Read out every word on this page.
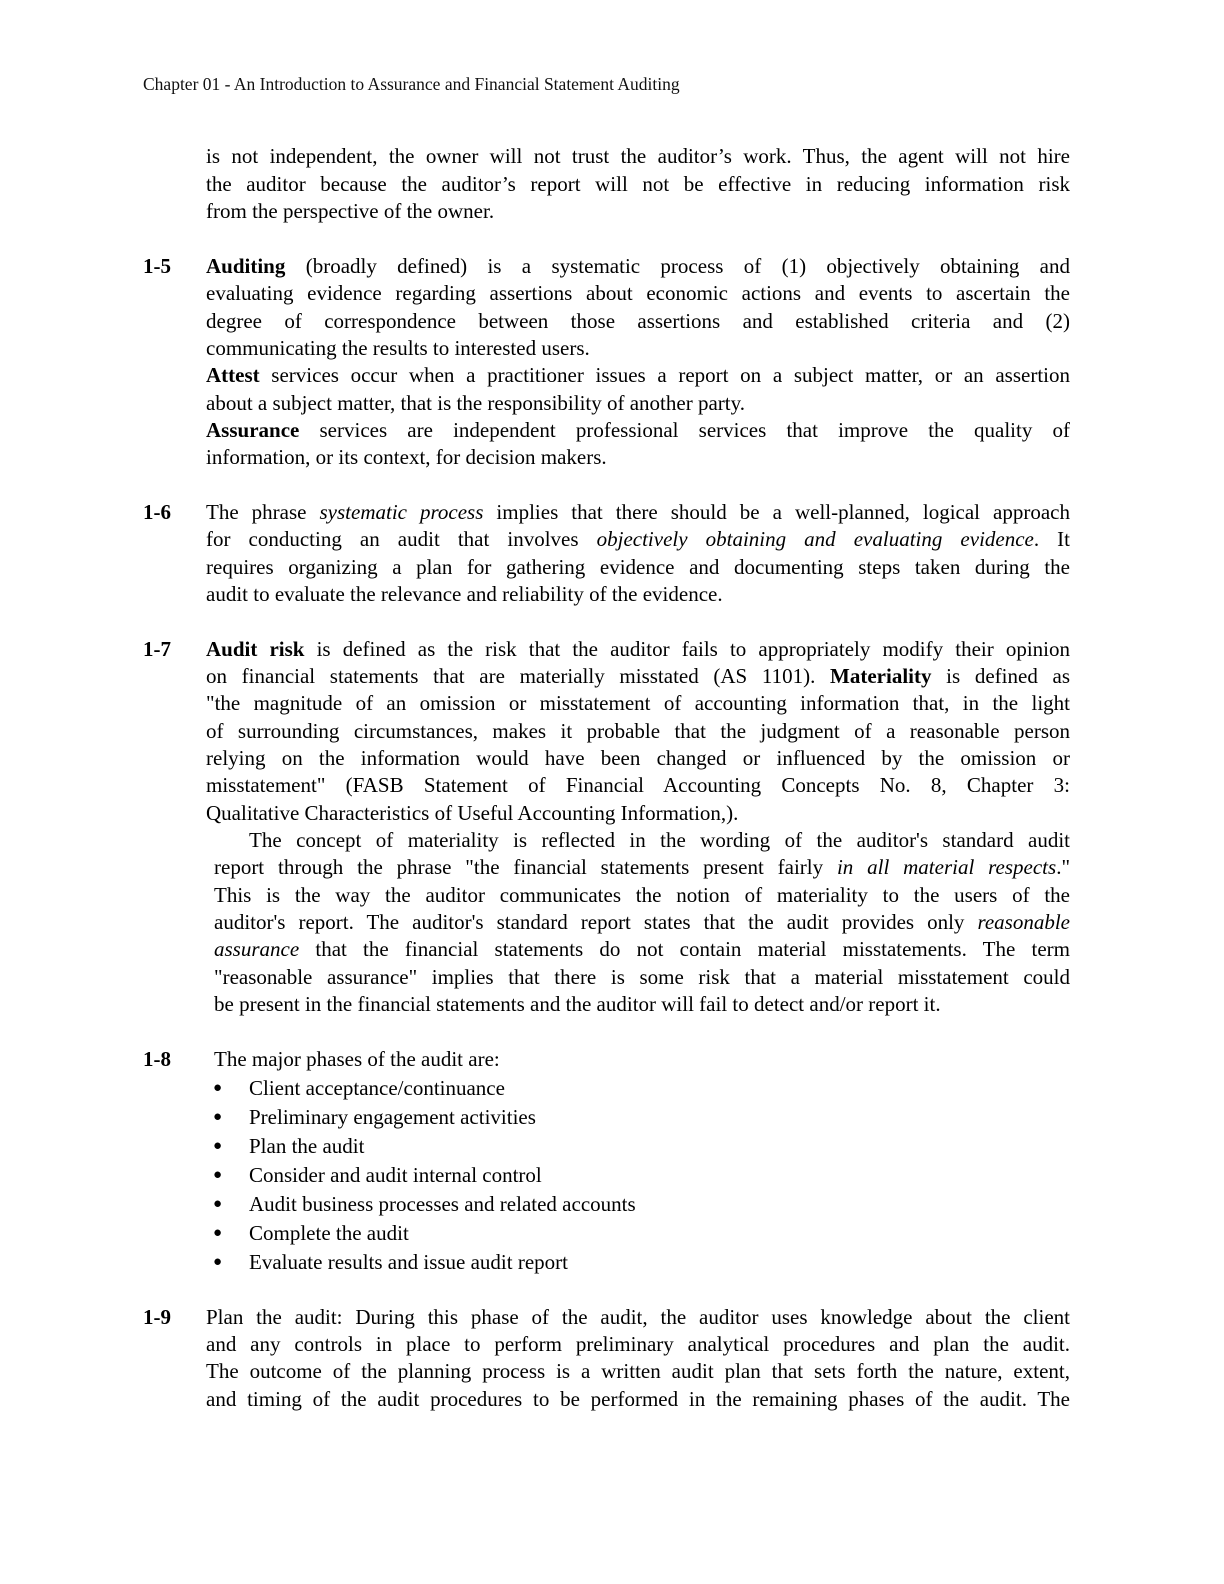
Chapter 01 - An Introduction to Assurance and Financial Statement Auditing
is not independent, the owner will not trust the auditor’s work. Thus, the agent will not hire
the auditor because the auditor’s report will not be effective in reducing information risk
from the perspective of the owner.
1-5 Auditing (broadly defined) is a systematic process of (1) objectively obtaining and
evaluating evidence regarding assertions about economic actions and events to ascertain the
degree of correspondence between those assertions and established criteria and (2)
communicating the results to interested users.
Attest services occur when a practitioner issues a report on a subject matter, or an assertion
about a subject matter, that is the responsibility of another party.
Assurance services are independent professional services that improve the quality of
information, or its context, for decision makers.
1-6 The phrase systematic process implies that there should be a well-planned, logical approach
for conducting an audit that involves objectively obtaining and evaluating evidence. It
requires organizing a plan for gathering evidence and documenting steps taken during the
audit to evaluate the relevance and reliability of the evidence.
1-7 Audit risk is defined as the risk that the auditor fails to appropriately modify their opinion
on financial statements that are materially misstated (AS 1101). Materiality is defined as
"the magnitude of an omission or misstatement of accounting information that, in the light
of surrounding circumstances, makes it probable that the judgment of a reasonable person
relying on the information would have been changed or influenced by the omission or
misstatement" (FASB Statement of Financial Accounting Concepts No. 8, Chapter 3:
Qualitative Characteristics of Useful Accounting Information,).
The concept of materiality is reflected in the wording of the auditor's standard audit
report through the phrase "the financial statements present fairly in all material respects."
This is the way the auditor communicates the notion of materiality to the users of the
auditor's report. The auditor's standard report states that the audit provides only reasonable
assurance that the financial statements do not contain material misstatements. The term
"reasonable assurance" implies that there is some risk that a material misstatement could
be present in the financial statements and the auditor will fail to detect and/or report it.
1-8 The major phases of the audit are:
● Client acceptance/continuance
● Preliminary engagement activities
● Plan the audit
● Consider and audit internal control
● Audit business processes and related accounts
● Complete the audit
● Evaluate results and issue audit report
1-9 Plan the audit: During this phase of the audit, the auditor uses knowledge about the client
and any controls in place to perform preliminary analytical procedures and plan the audit.
The outcome of the planning process is a written audit plan that sets forth the nature, extent,
and timing of the audit procedures to be performed in the remaining phases of the audit. The
